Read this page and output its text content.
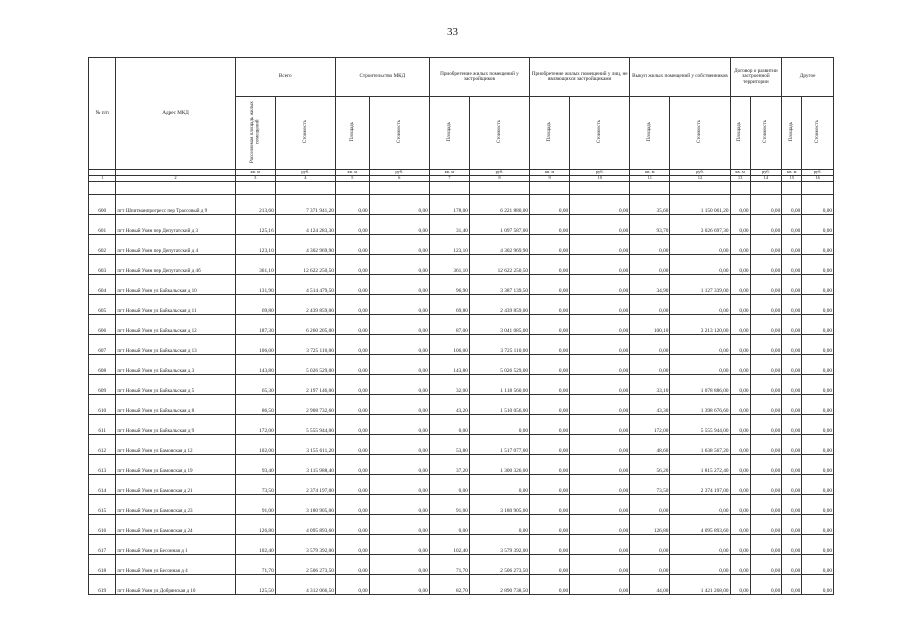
33
№ п/п	Адрес МКД	Всего		Строительство МКД		Приобретение жилых помещений у застройщиков		Приобретение жилых помещений у лиц, не являющихся застройщиками		Выкуп жилых помещений у собственников		Договор о развитии застроенной территории		Другое	
		Расселяемая площадь жилых помещений	Стоимость	Площадь	Стоимость	Площадь	Стоимость	Площадь	Стоимость	Площадь	Стоимость	Площадь	Стоимость	Площадь	Стоимость
		кв. м	руб.	кв. м	руб.	кв. м	руб.	кв. м	руб.	кв. м	руб.	кв. м	руб.	кв. м	руб.
1	2	3	4	5	6	7	8	9	10	11	12	13	14	15	16

600	пгт Шпитманпрогресс пер Трассовый д 9	213,60	7 371 941,20	0,00	0,00	178,00	6 221 880,00	0,00	0,00	35,60	1 150 061,20	0,00	0,00	0,00	0,00
601	пгт Новый Уоян пер Депутатский д 3	125,16	4 124 283,30	0,00	0,00	31,40	1 097 587,00	0,00	0,00	93,70	3 026 697,30	0,00	0,00	0,00	0,00
602	пгт Новый Уоян пер Депутатский д 4	123,10	4 302 969,90	0,00	0,00	123,10	4 302 969,90	0,00	0,00	0,00	0,00	0,00	0,00	0,00	0,00
603	пгт Новый Уоян пер Депутатский д 4б	361,10	12 622 250,50	0,00	0,00	361,10	12 622 250,50	0,00	0,00	0,00	0,00	0,00	0,00	0,00	0,00
604	пгт Новый Уоян ул Байкальская д 10	131,90	4 514 479,50	0,00	0,00	96,90	3 387 139,50	0,00	0,00	34,90	1 127 339,00	0,00	0,00	0,00	0,00
605	пгт Новый Уоян ул Байкальская д 11	69,80	2 439 859,00	0,00	0,00	69,80	2 439 859,00	0,00	0,00	0,00	0,00	0,00	0,00	0,00	0,00
606	пгт Новый Уоян ул Байкальская д 12	187,30	6 260 205,00	0,00	0,00	87,00	3 041 085,00	0,00	0,00	100,10	3 213 120,00	0,00	0,00	0,00	0,00
607	пгт Новый Уоян ул Байкальская д 13	106,00	3 725 110,00	0,00	0,00	106,00	3 725 110,00	0,00	0,00	0,00	0,00	0,00	0,00	0,00	0,00
608	пгт Новый Уоян ул Байкальская д 3	143,80	5 026 529,00	0,00	0,00	143,80	5 026 529,00	0,00	0,00	0,00	0,00	0,00	0,00	0,00	0,00
609	пгт Новый Уоян ул Байкальская д 5	65,30	2 197 146,00	0,00	0,00	32,00	1 118 560,00	0,00	0,00	33,10	1 078 886,00	0,00	0,00	0,00	0,00
610	пгт Новый Уоян ул Байкальская д 8	86,50	2 908 732,60	0,00	0,00	43,20	1 510 056,00	0,00	0,00	43,30	1 398 676,60	0,00	0,00	0,00	0,00
611	пгт Новый Уоян ул Байкальская д 9	172,00	5 555 944,00	0,00	0,00	0,00	0,00	0,00	0,00	172,00	5 555 944,00	0,00	0,00	0,00	0,00
612	пгт Новый Уоян ул Бамовская д 12	102,00	3 155 611,20	0,00	0,00	53,80	1 517 077,00	0,00	0,00	48,60	1 638 567,20	0,00	0,00	0,00	0,00
613	пгт Новый Уоян ул Бамовская д 19	93,40	3 115 988,40	0,00	0,00	37,20	1 300 326,00	0,00	0,00	56,20	1 815 272,40	0,00	0,00	0,00	0,00
614	пгт Новый Уоян ул Бамовская д 21	73,50	2 374 197,00	0,00	0,00	0,00	0,00	0,00	0,00	73,50	2 374 197,00	0,00	0,00	0,00	0,00
615	пгт Новый Уоян ул Бамовская д 23	91,00	3 180 905,00	0,00	0,00	91,00	3 180 905,00	0,00	0,00	0,00	0,00	0,00	0,00	0,00	0,00
616	пгт Новый Уоян ул Бамовская д 24	126,80	4 095 893,60	0,00	0,00	0,00	0,00	0,00	0,00	126,80	4 095 893,60	0,00	0,00	0,00	0,00
617	пгт Новый Уоян ул Бесонная д 1	102,40	3 579 392,00	0,00	0,00	102,40	3 579 392,00	0,00	0,00	0,00	0,00	0,00	0,00	0,00	0,00
618	пгт Новый Уоян ул Бесонная д 4	71,70	2 506 273,50	0,00	0,00	71,70	2 506 273,50	0,00	0,00	0,00	0,00	0,00	0,00	0,00	0,00
619	пгт Новый Уоян ул Добрянская д 10	125,50	4 312 066,50	0,00	0,00	82,70	2 890 738,50	0,00	0,00	44,00	1 421 268,00	0,00	0,00	0,00	0,00
